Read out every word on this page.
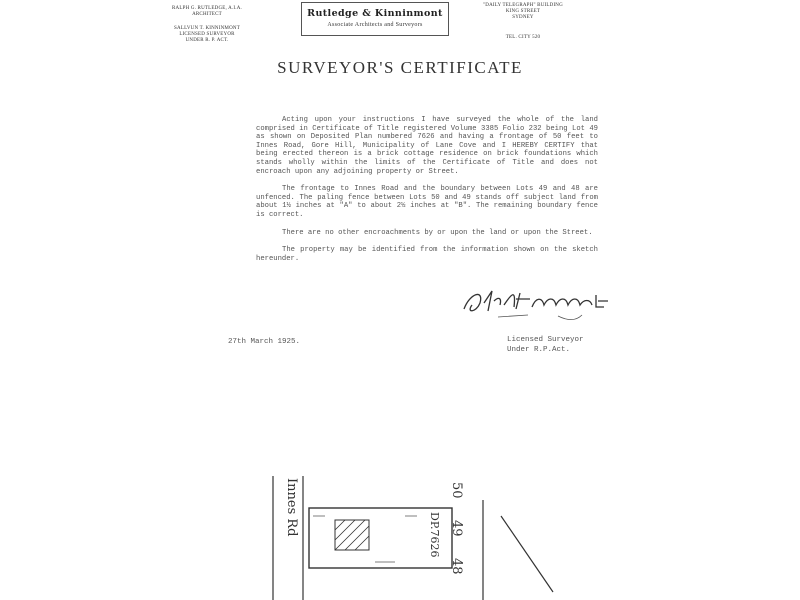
RALPH G. RUTLEDGE, A.I.A.
ARCHITECT
SALLVUN T. KINNINMONT
LICENSED SURVEYOR
UNDER R. P. ACT.
Rutledge & Kinninmont
Associate Architects and Surveyors
"DAILY TELEGRAPH" BUILDING
KING STREET
SYDNEY
TEL. CITY 520
SURVEYOR'S CERTIFICATE

Acting upon your instructions I have surveyed the whole of the land comprised in Certificate of Title registered Volume 3385 Folio 232 being Lot 49 as shown on Deposited Plan numbered 7626 and having a frontage of 50 feet to Innes Road, Gore Hill, Municipality of Lane Cove and I HEREBY CERTIFY that being erected thereon is a brick cottage residence on brick foundations which stands wholly within the limits of the Certificate of Title and does not encroach upon any adjoining property or Street.

The frontage to Innes Road and the boundary between Lots 49 and 48 are unfenced. The paling fence between Lots 50 and 49 stands off subject land from about 1½ inches at "A" to about 2½ inches at "B". The remaining boundary fence is correct.

There are no other encroachments by or upon the land or upon the Street.

The property may be identified from the information shown on the sketch hereunder.

27th March 1925.	Licensed Surveyor
Under R.P.Act.
Innes Rd	DP.7626
50
49
48
